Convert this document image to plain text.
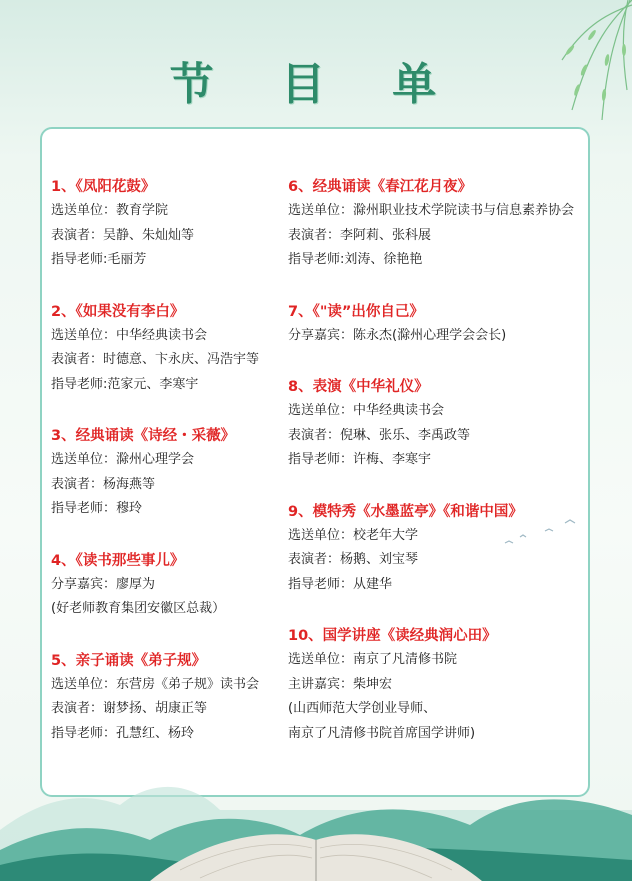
节 目 单
1、《凤阳花鼓》
选送单位：教育学院
表演者：吴静、朱灿灿等
指导老师:毛丽芳
2、《如果没有李白》
选送单位：中华经典读书会
表演者：时德意、卞永庆、冯浩宇等
指导老师:范家元、李寒宇
3、经典诵读《诗经・采薇》
选送单位：滁州心理学会
表演者：杨海燕等
指导老师：穆玲
4、《读书那些事儿》
分享嘉宾：廖厚为
(好老师教育集团安徽区总裁）
5、亲子诵读《弟子规》
选送单位：东营房《弟子规》读书会
表演者：谢梦扬、胡康正等
指导老师：孔慧红、杨玲
6、经典诵读《春江花月夜》
选送单位：滁州职业技术学院读书与信息素养协会
表演者：李阿莉、张科展
指导老师:刘涛、徐艳艳
7、《"读”出你自己》
分享嘉宾：陈永杰(滁州心理学会会长)
8、表演《中华礼仪》
选送单位：中华经典读书会
表演者：倪琳、张乐、李禹政等
指导老师：许梅、李寒宇
9、模特秀《水墨蓝亭》《和谐中国》
选送单位：校老年大学
表演者：杨鹅、刘宝琴
指导老师：从建华
10、国学讲座《读经典润心田》
选送单位：南京了凡清修书院
主讲嘉宾：柴坤宏
(山西师范大学创业导师、
南京了凡清修书院首席国学讲师)
